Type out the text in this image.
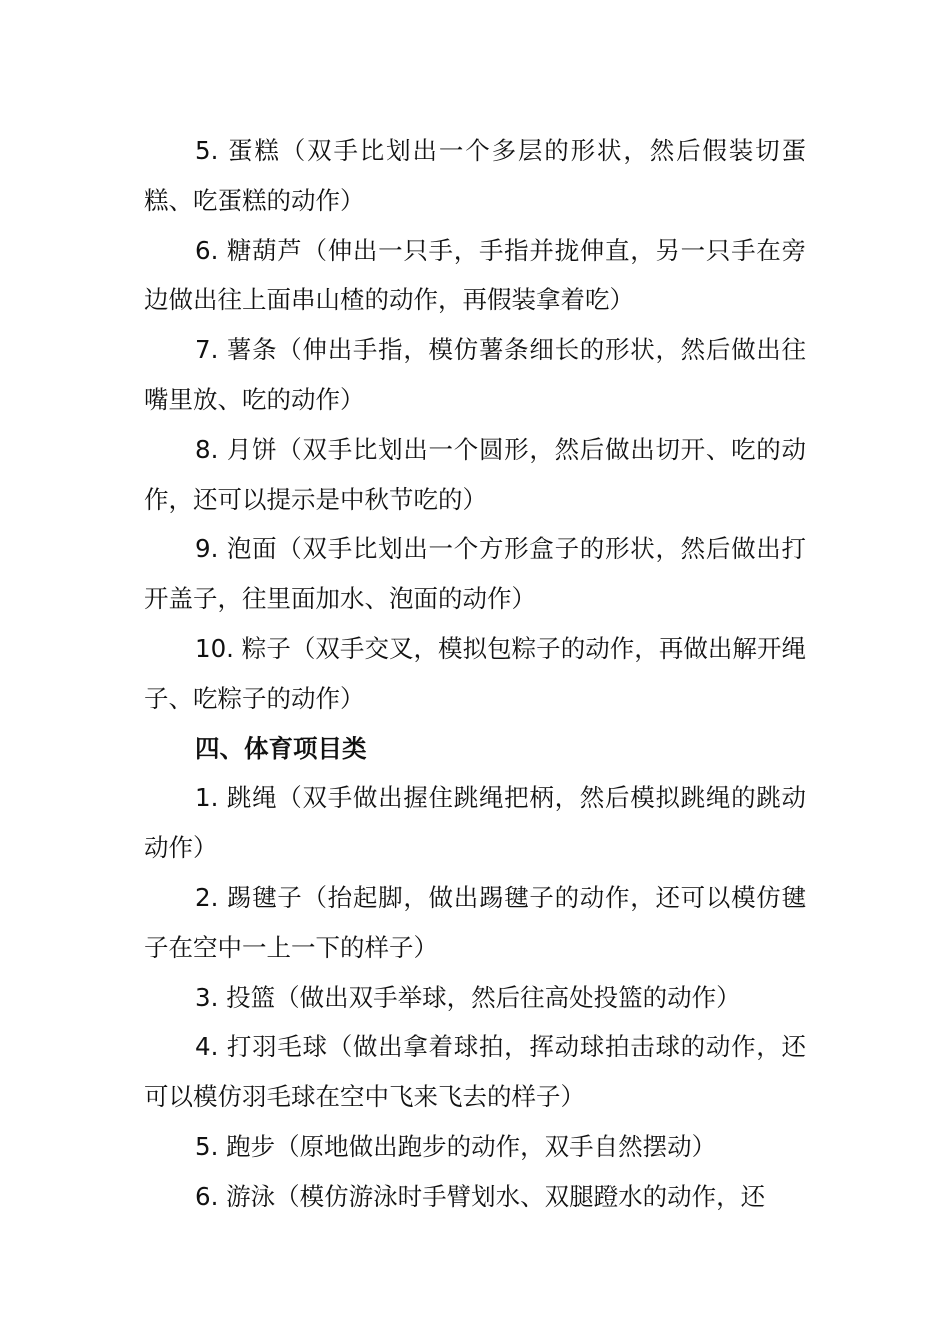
5. 蛋糕（双手比划出一个多层的形状，然后假装切蛋糕、吃蛋糕的动作）

6. 糖葫芦（伸出一只手，手指并拢伸直，另一只手在旁边做出往上面串山楂的动作，再假装拿着吃）

7. 薯条（伸出手指，模仿薯条细长的形状，然后做出往嘴里放、吃的动作）

8. 月饼（双手比划出一个圆形，然后做出切开、吃的动作，还可以提示是中秋节吃的）

9. 泡面（双手比划出一个方形盒子的形状，然后做出打开盖子，往里面加水、泡面的动作）

10. 粽子（双手交叉，模拟包粽子的动作，再做出解开绳子、吃粽子的动作）

四、体育项目类

1. 跳绳（双手做出握住跳绳把柄，然后模拟跳绳的跳动动作）

2. 踢毽子（抬起脚，做出踢毽子的动作，还可以模仿毽子在空中一上一下的样子）

3. 投篮（做出双手举球，然后往高处投篮的动作）

4. 打羽毛球（做出拿着球拍，挥动球拍击球的动作，还可以模仿羽毛球在空中飞来飞去的样子）

5. 跑步（原地做出跑步的动作，双手自然摆动）

6. 游泳（模仿游泳时手臂划水、双腿蹬水的动作，还
